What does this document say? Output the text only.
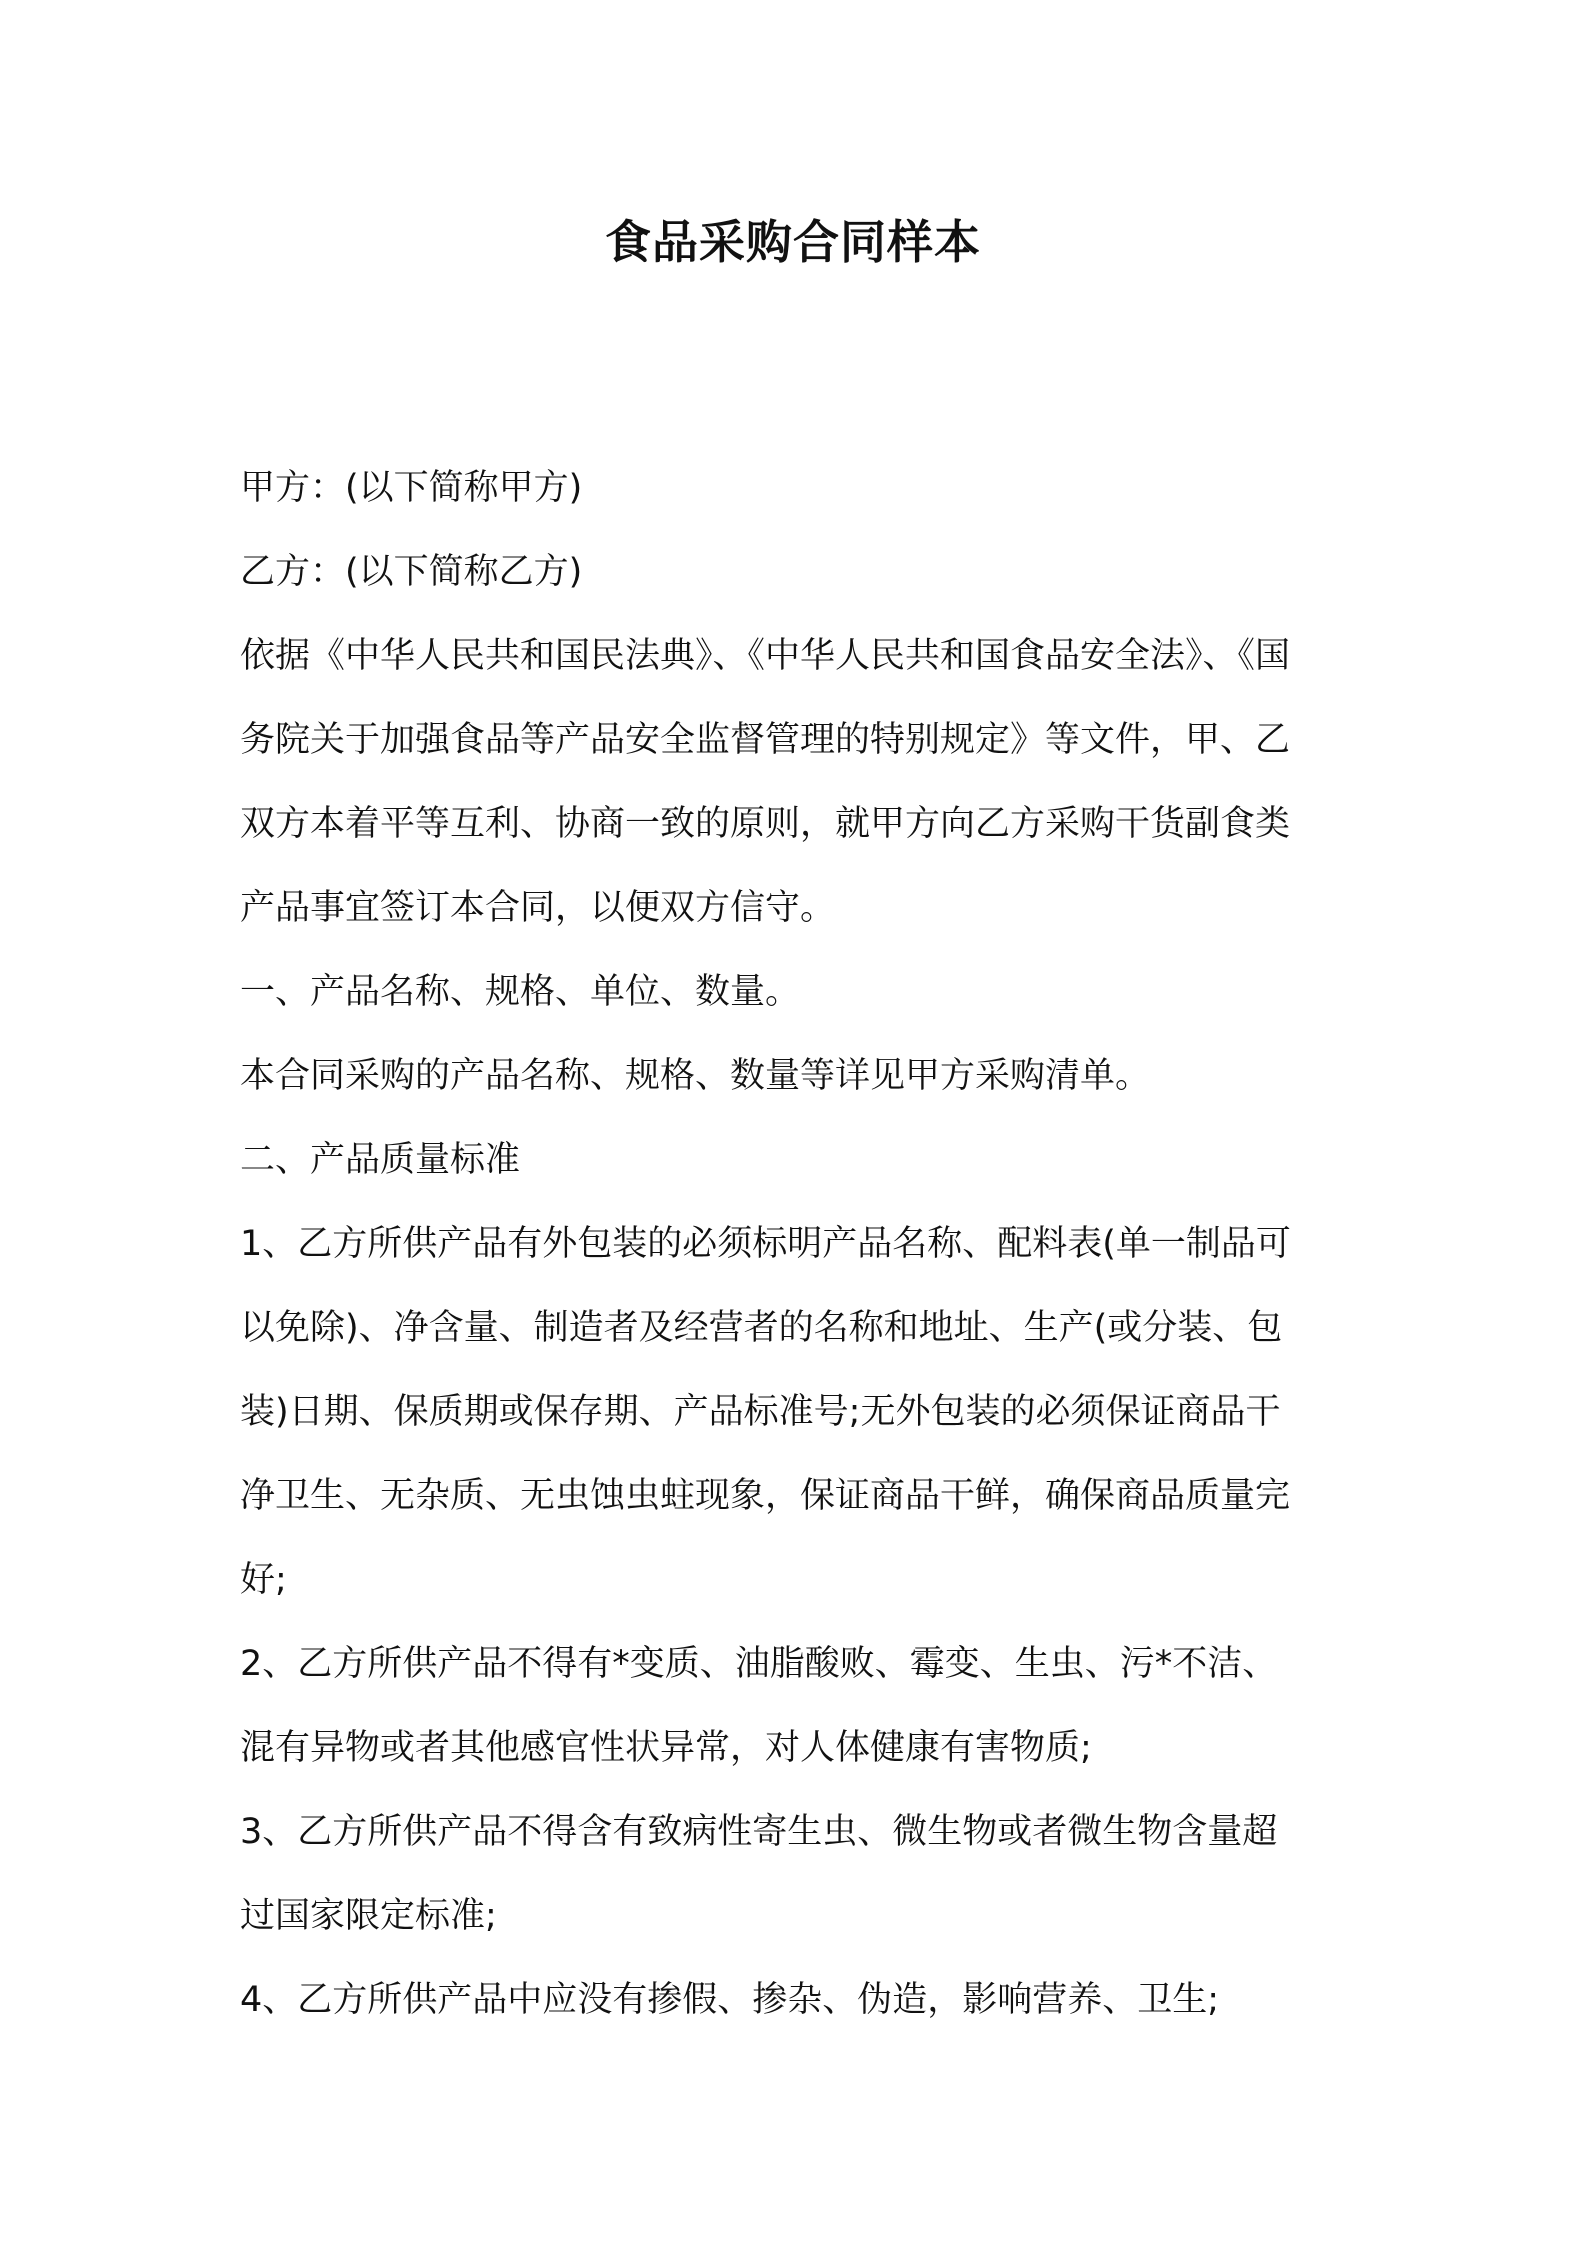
食品采购合同样本
甲方：(以下简称甲方)
乙方：(以下简称乙方)
依据《中华人民共和国民法典》、《中华人民共和国食品安全法》、《国
务院关于加强食品等产品安全监督管理的特别规定》等文件，甲、乙
双方本着平等互利、协商一致的原则，就甲方向乙方采购干货副食类
产品事宜签订本合同，以便双方信守。
一、产品名称、规格、单位、数量。
本合同采购的产品名称、规格、数量等详见甲方采购清单。
二、产品质量标准
1、乙方所供产品有外包装的必须标明产品名称、配料表(单一制品可
以免除)、净含量、制造者及经营者的名称和地址、生产(或分装、包
装)日期、保质期或保存期、产品标准号;无外包装的必须保证商品干
净卫生、无杂质、无虫蚀虫蛀现象，保证商品干鲜，确保商品质量完
好;
2、乙方所供产品不得有*变质、油脂酸败、霉变、生虫、污*不洁、
混有异物或者其他感官性状异常，对人体健康有害物质;
3、乙方所供产品不得含有致病性寄生虫、微生物或者微生物含量超
过国家限定标准;
4、乙方所供产品中应没有掺假、掺杂、伪造，影响营养、卫生;
